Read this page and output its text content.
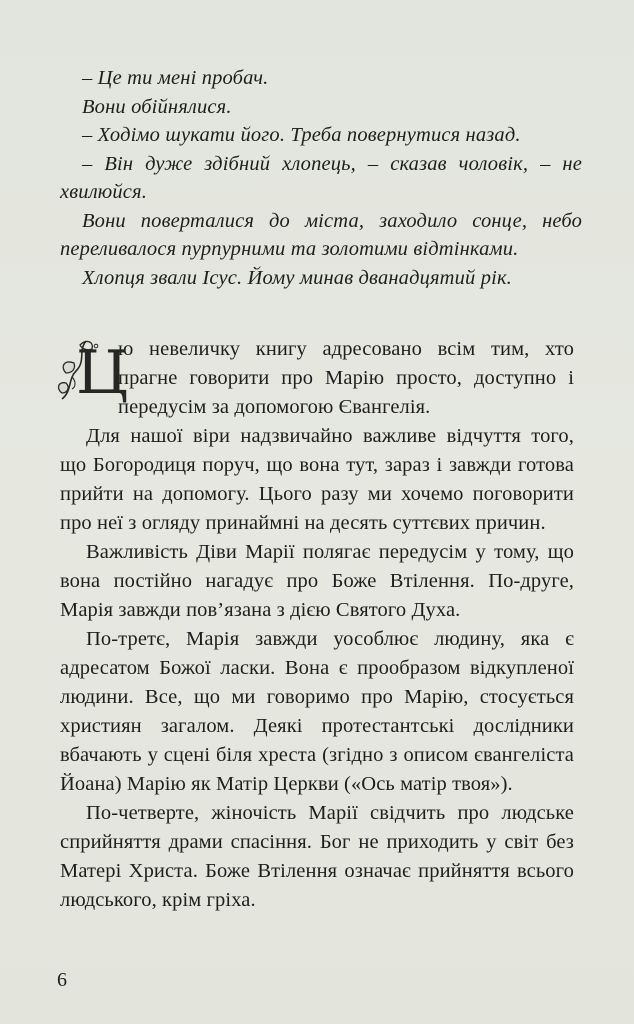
– Це ти мені пробач.

Вони обійнялися.

– Ходімо шукати його. Треба повернутися назад.

– Він дуже здібний хлопець, – сказав чоловік, – не хвилюйся.

Вони поверталися до міста, заходило сонце, небо переливалося пурпурними та золотими відтінками.

Хлопця звали Ісус. Йому минав дванадцятий рік.

Ц
ю невеличку книгу адресовано всім тим, хто прагне говорити про Марію просто, доступно і передусім за допомогою Євангелія.

Для нашої віри надзвичайно важливе відчуття того, що Богородиця поруч, що вона тут, зараз і завжди готова прийти на допомогу. Цього разу ми хочемо поговорити про неї з огляду принаймні на десять суттєвих причин.

Важливість Діви Марії полягає передусім у тому, що вона постійно нагадує про Боже Втілення. По-друге, Марія завжди пов’язана з дією Святого Духа.

По-третє, Марія завжди уособлює людину, яка є адресатом Божої ласки. Вона є прообразом відкупленої людини. Все, що ми говоримо про Марію, стосується християн загалом. Деякі протестантські дослідники вбачають у сцені біля хреста (згідно з описом євангеліста Йоана) Марію як Матір Церкви («Ось матір твоя»).

По-четверте, жіночість Марії свідчить про людське сприйняття драми спасіння. Бог не приходить у світ без Матері Христа. Боже Втілення означає прийняття всього людського, крім гріха.

6
